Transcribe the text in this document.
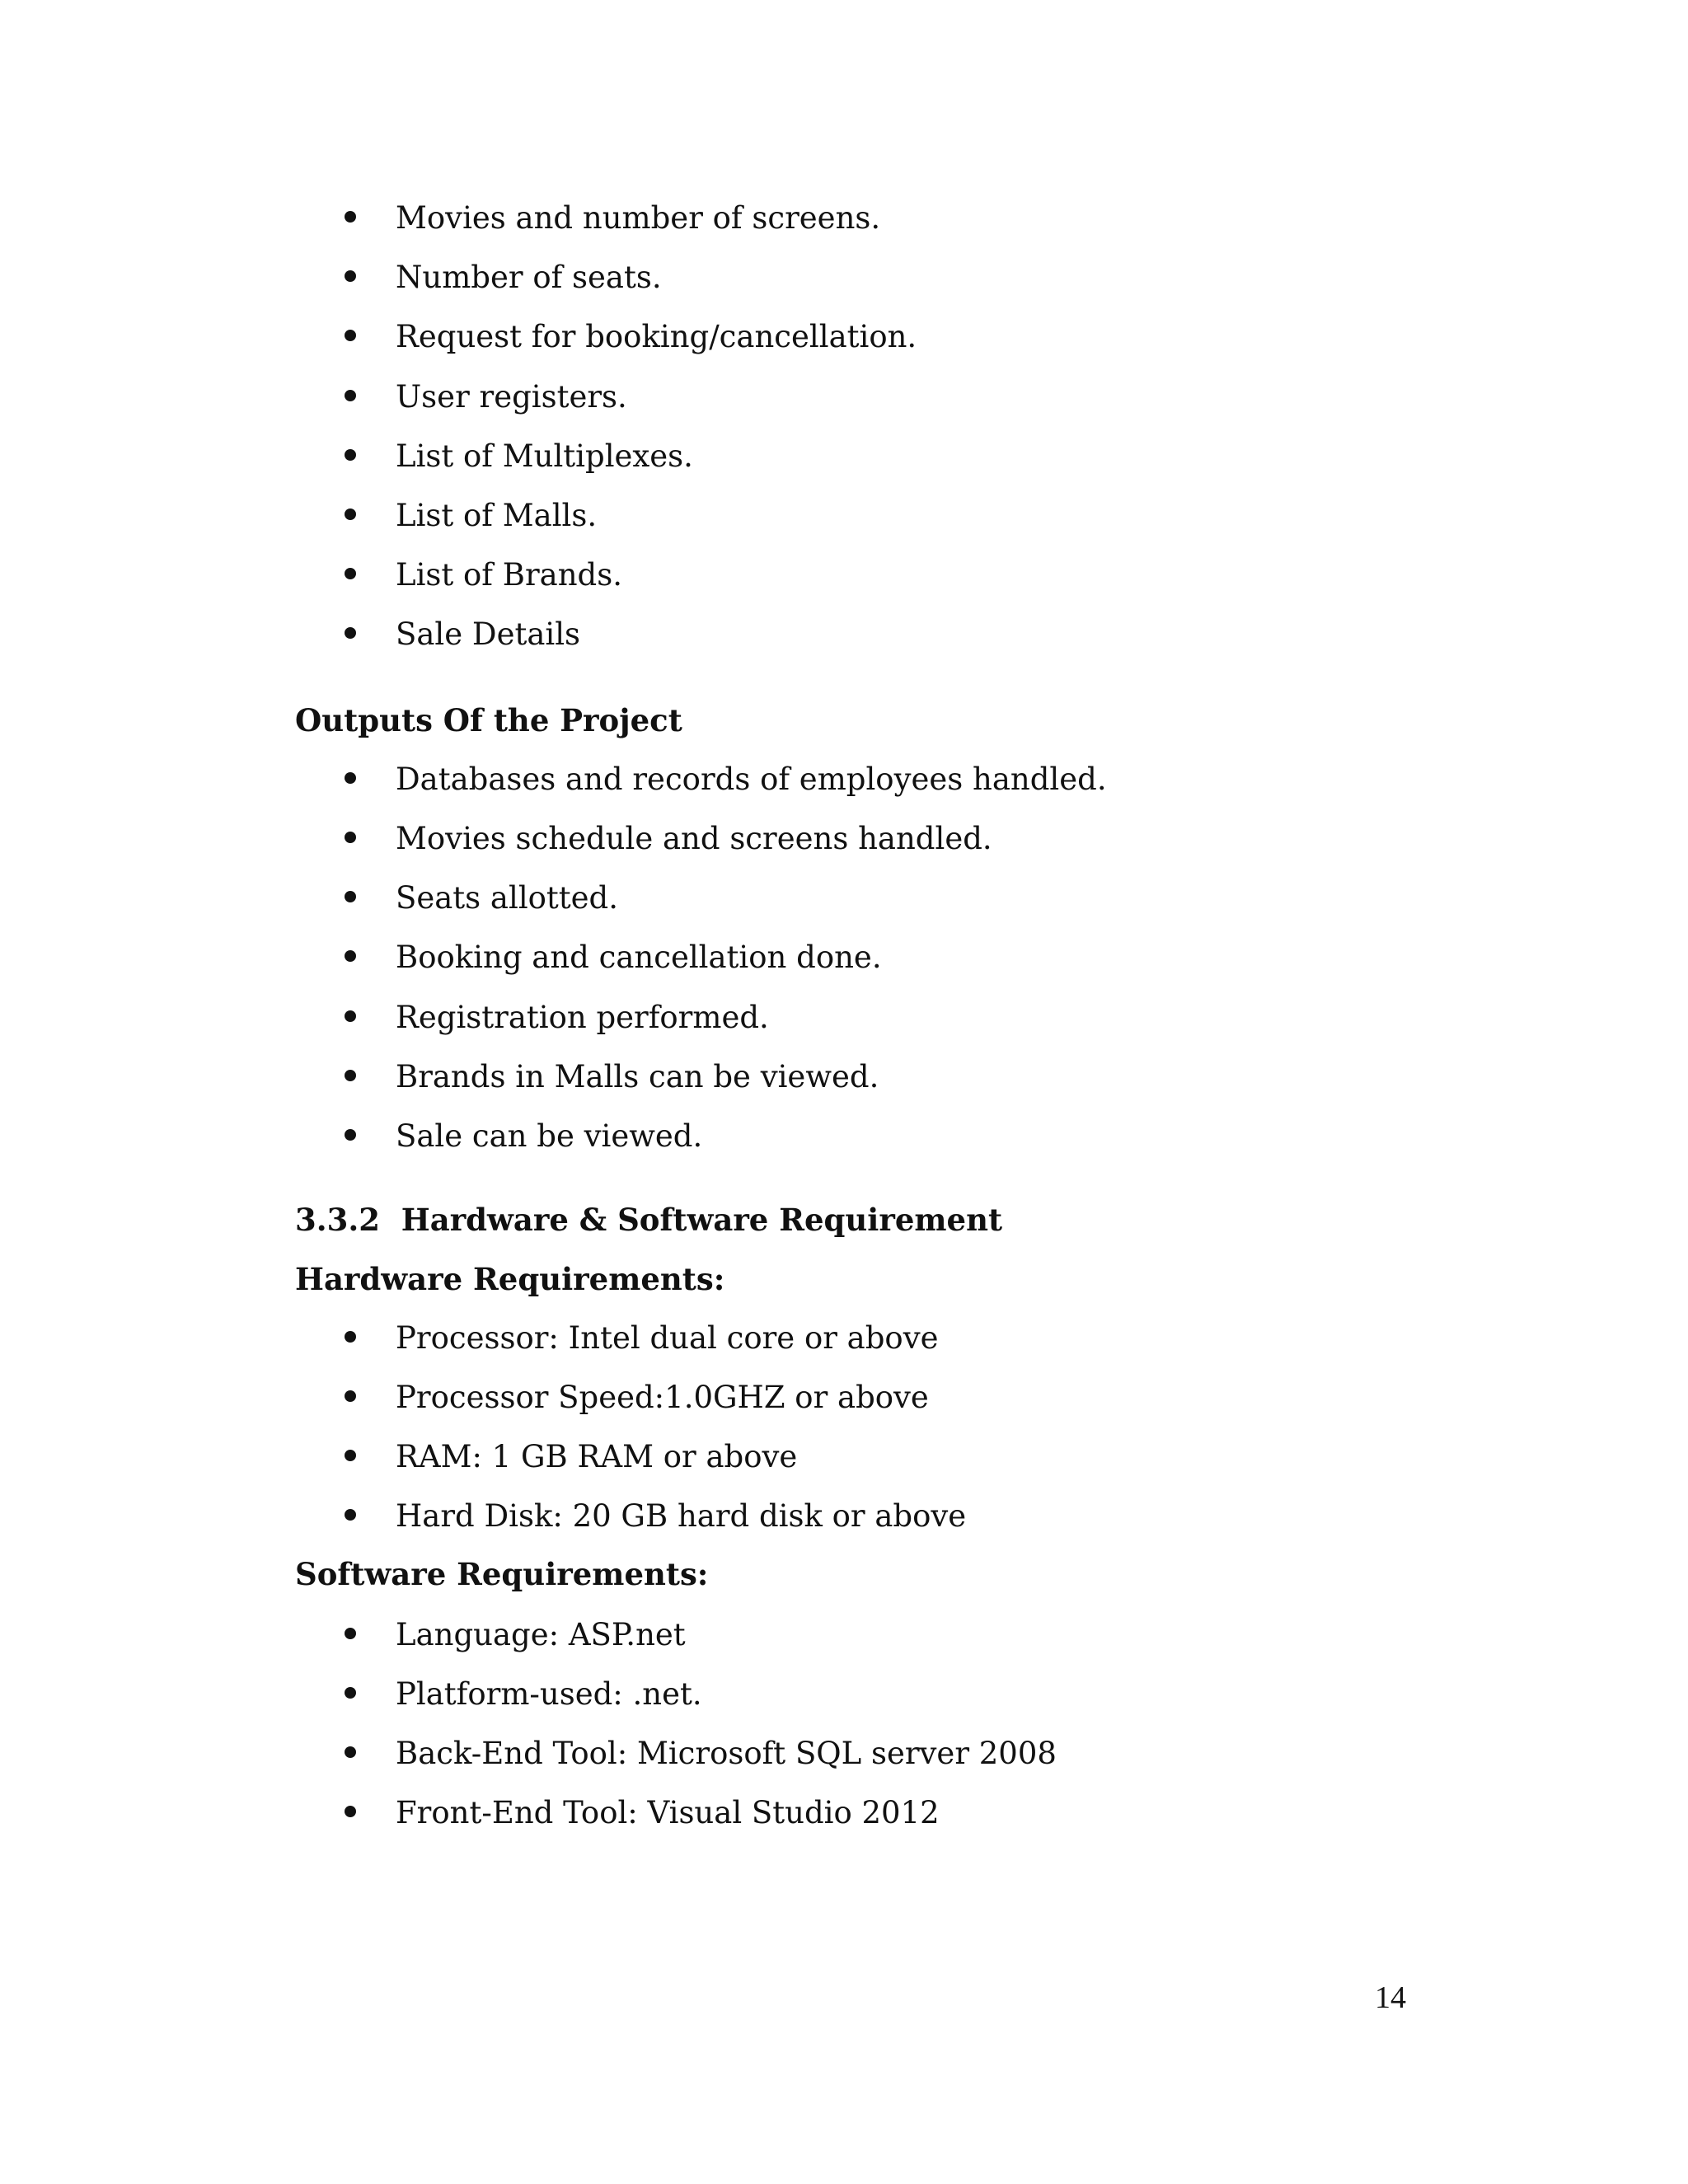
Movies and number of screens.
Number of seats.
Request for booking/cancellation.
User registers.
List of Multiplexes.
List of Malls.
List of Brands.
Sale Details
Outputs Of the Project
Databases and records of employees handled.
Movies schedule and screens handled.
Seats allotted.
Booking and cancellation done.
Registration performed.
Brands in Malls can be viewed.
Sale can be viewed.
3.3.2  Hardware & Software Requirement
Hardware Requirements:
Processor: Intel dual core or above
Processor Speed:1.0GHZ or above
RAM: 1 GB RAM or above
Hard Disk: 20 GB hard disk or above
Software Requirements:
Language: ASP.net
Platform-used: .net.
Back-End Tool: Microsoft SQL server 2008
Front-End Tool: Visual Studio 2012
14
